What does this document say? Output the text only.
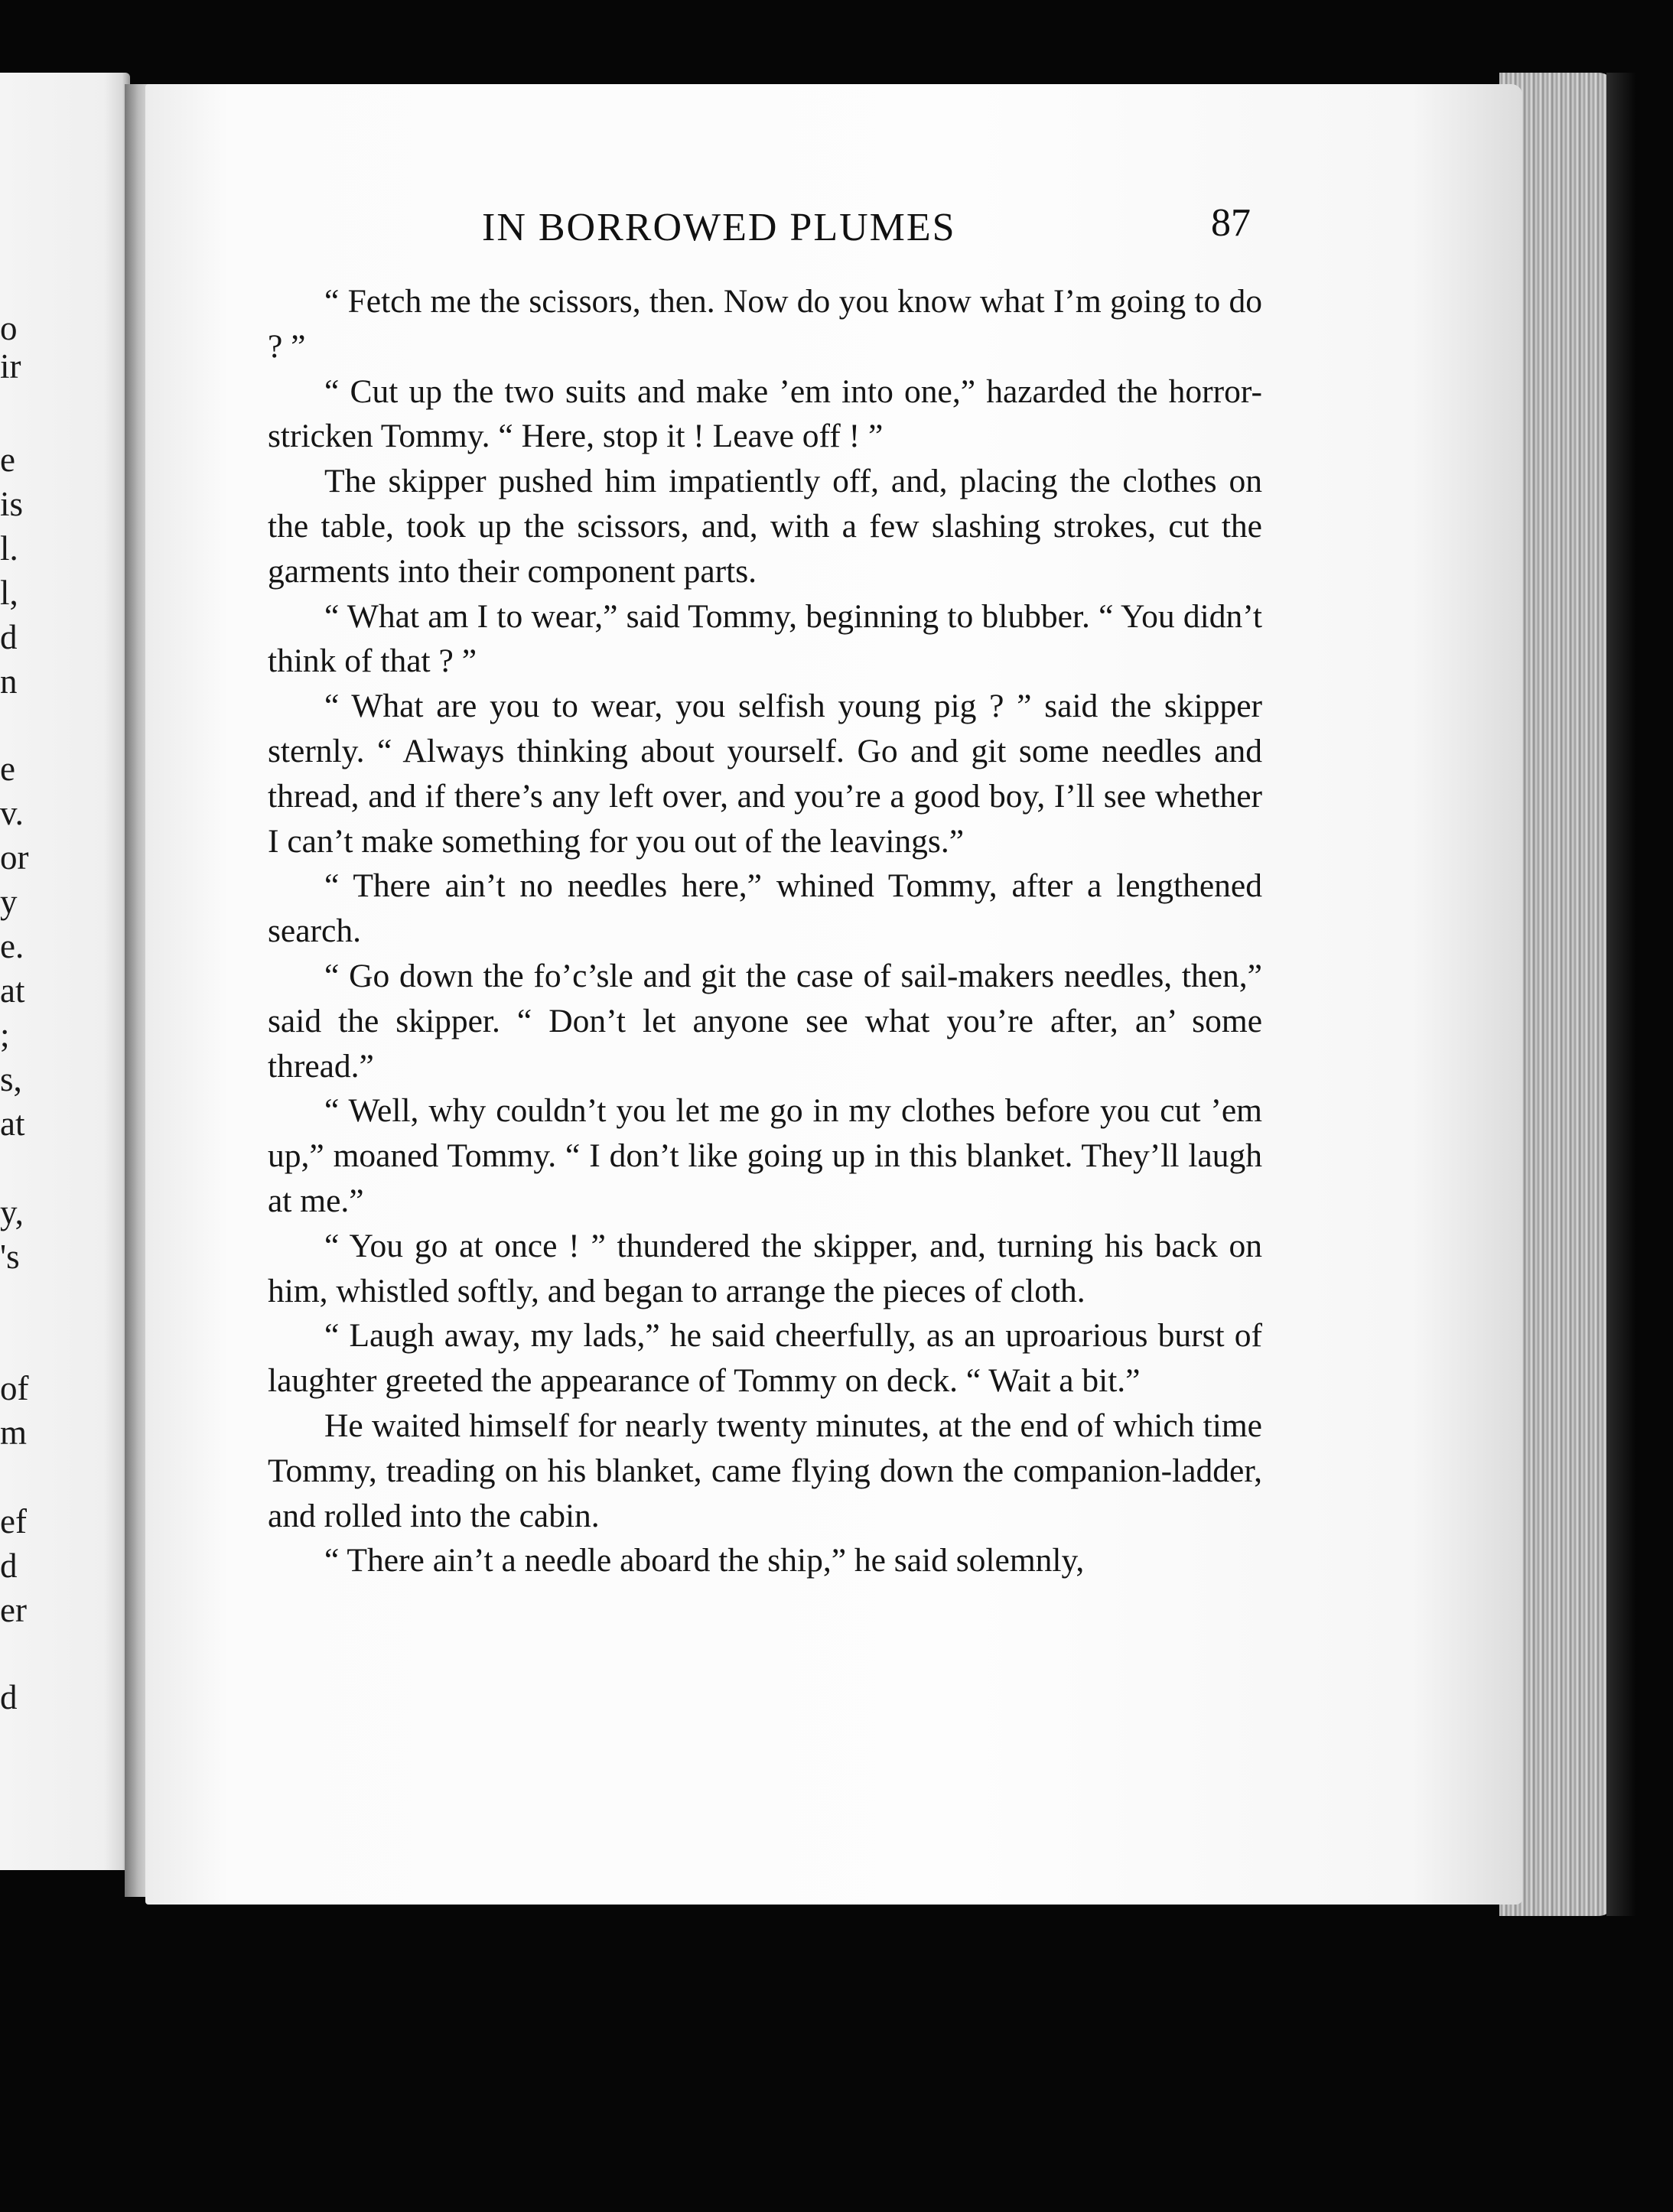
o
ir
e
is
l.
l,
d
n
e
v.
or
y
e.
at
;
s,
at
y,
's
of
m
ef
d
er
d
IN BORROWED PLUMES	87

“ Fetch me the scissors, then. Now do you know what I’m going to do ? ”

“ Cut up the two suits and make ’em into one,” hazarded the horror-stricken Tommy. “ Here, stop it ! Leave off ! ”

The skipper pushed him impatiently off, and, placing the clothes on the table, took up the scissors, and, with a few slashing strokes, cut the garments into their component parts.

“ What am I to wear,” said Tommy, beginning to blubber. “ You didn’t think of that ? ”

“ What are you to wear, you selfish young pig ? ” said the skipper sternly. “ Always thinking about yourself. Go and git some needles and thread, and if there’s any left over, and you’re a good boy, I’ll see whether I can’t make something for you out of the leavings.”

“ There ain’t no needles here,” whined Tommy, after a lengthened search.

“ Go down the fo’c’sle and git the case of sail-makers needles, then,” said the skipper. “ Don’t let anyone see what you’re after, an’ some thread.”

“ Well, why couldn’t you let me go in my clothes before you cut ’em up,” moaned Tommy. “ I don’t like going up in this blanket. They’ll laugh at me.”

“ You go at once ! ” thundered the skipper, and, turning his back on him, whistled softly, and began to arrange the pieces of cloth.

“ Laugh away, my lads,” he said cheerfully, as an uproarious burst of laughter greeted the appearance of Tommy on deck. “ Wait a bit.”

He waited himself for nearly twenty minutes, at the end of which time Tommy, treading on his blanket, came flying down the companion-ladder, and rolled into the cabin.

“ There ain’t a needle aboard the ship,” he said solemnly,
